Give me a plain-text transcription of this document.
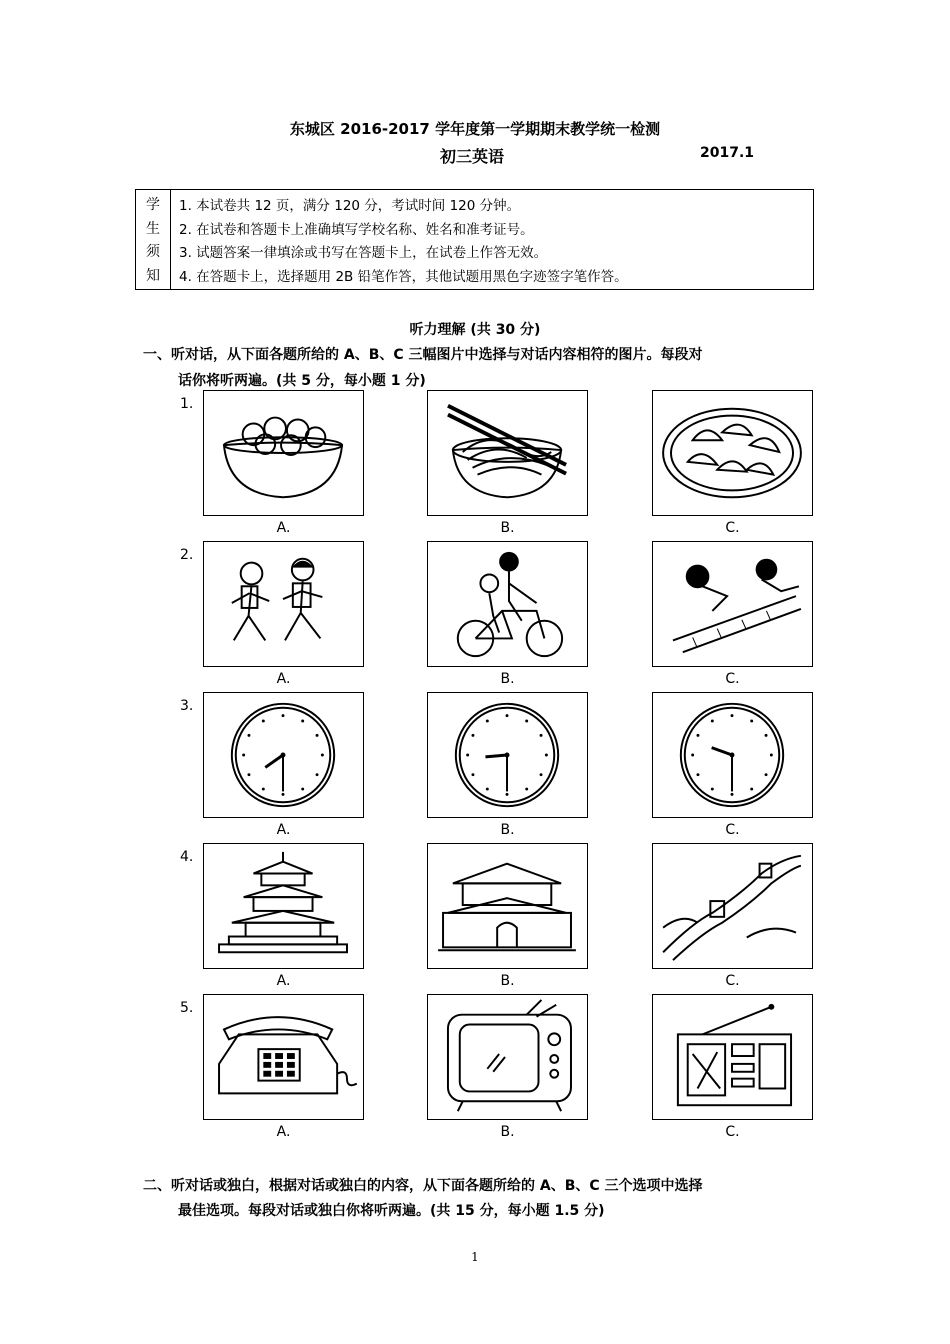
东城区 2016-2017 学年度第一学期期末教学统一检测
初三英语	2017.1
学
生
须
知
1. 本试卷共 12 页，满分 120 分，考试时间 120 分钟。
2. 在试卷和答题卡上准确填写学校名称、姓名和准考证号。
3. 试题答案一律填涂或书写在答题卡上，在试卷上作答无效。
4. 在答题卡上，选择题用 2B 铅笔作答，其他试题用黑色字迹签字笔作答。
听力理解 (共 30 分)
一、听对话，从下面各题所给的 A、B、C 三幅图片中选择与对话内容相符的图片。每段对
话你将听两遍。(共 5 分，每小题 1 分)
1.
A.	B.	C.
2.
A.	B.	C.
3.
A.	B.	C.
4.
A.	B.	C.
5.
A.	B.	C.
二、听对话或独白，根据对话或独白的内容，从下面各题所给的 A、B、C 三个选项中选择
最佳选项。每段对话或独白你将听两遍。(共 15 分，每小题 1.5 分)
1
